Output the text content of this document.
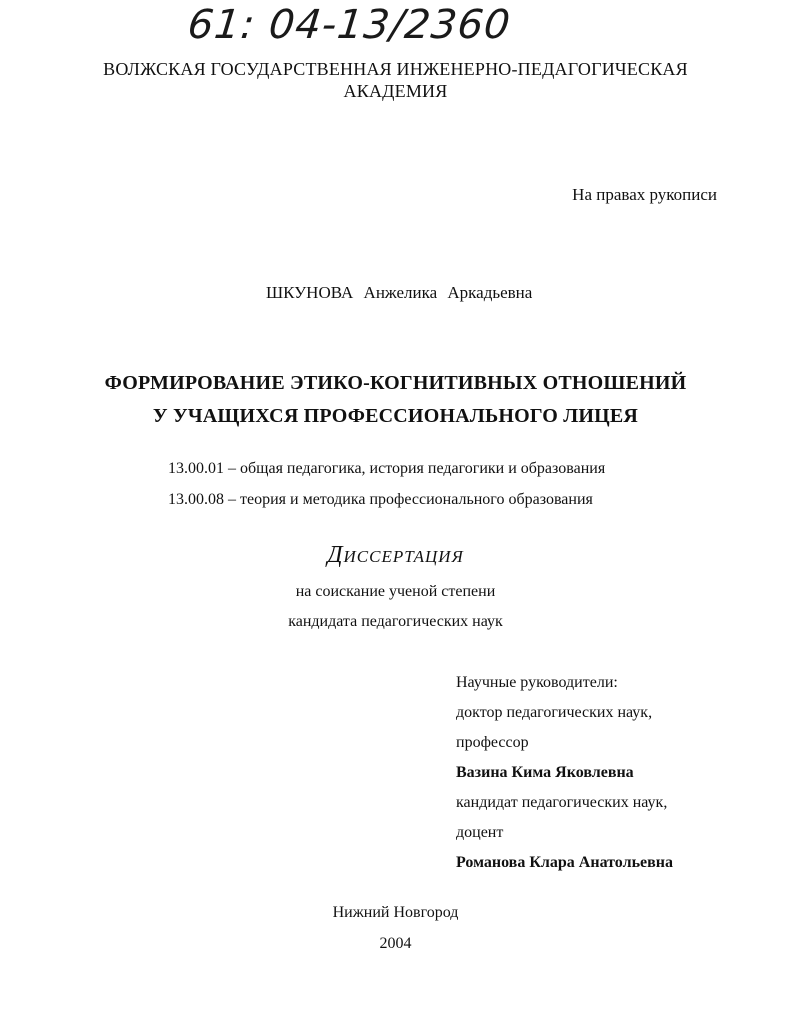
61: 04-13/2360
ВОЛЖСКАЯ ГОСУДАРСТВЕННАЯ ИНЖЕНЕРНО-ПЕДАГОГИЧЕСКАЯ
АКАДЕМИЯ
На правах рукописи
ШКУНОВА Анжелика Аркадьевна
ФОРМИРОВАНИЕ ЭТИКО-КОГНИТИВНЫХ ОТНОШЕНИЙ
У УЧАЩИХСЯ ПРОФЕССИОНАЛЬНОГО ЛИЦЕЯ
13.00.01 – общая педагогика, история педагогики и образования
13.00.08 – теория и методика профессионального образования
Диссертация
на соискание ученой степени
кандидата педагогических наук
Научные руководители:
доктор педагогических наук,
профессор
Вазина Кима Яковлевна
кандидат педагогических наук,
доцент
Романова Клара Анатольевна
Нижний Новгород
2004
